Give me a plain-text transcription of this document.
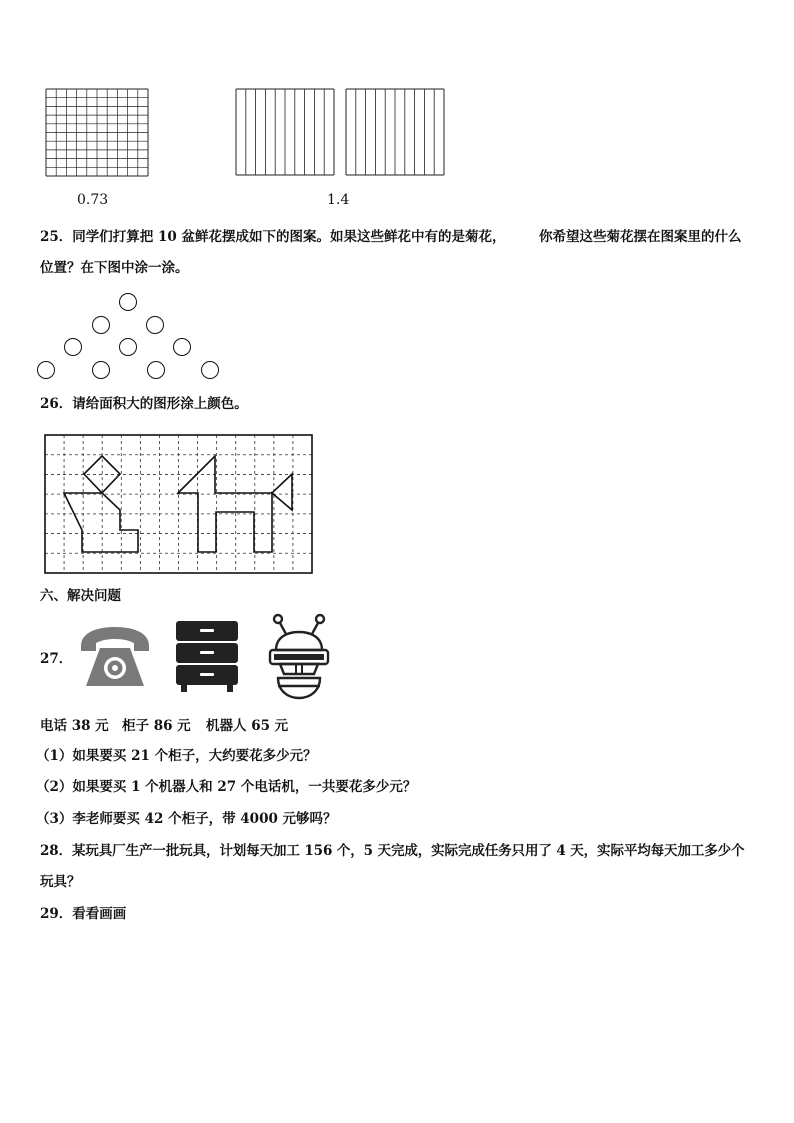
0.73	1.4
25．同学们打算把 10 盆鲜花摆成如下的图案。如果这些鲜花中有的是菊花， 你希望这些菊花摆在图案里的什么
位置？在下图中涂一涂。
26．请给面积大的图形涂上颜色。
六、解决问题
27．
电话 38 元 柜子 86 元 机器人 65 元
（1）如果要买 21 个柜子，大约要花多少元？
（2）如果要买 1 个机器人和 27 个电话机，一共要花多少元？
（3）李老师要买 42 个柜子，带 4000 元够吗？
28．某玩具厂生产一批玩具，计划每天加工 156 个，5 天完成，实际完成任务只用了 4 天，实际平均每天加工多少个
玩具？
29．看看画画
